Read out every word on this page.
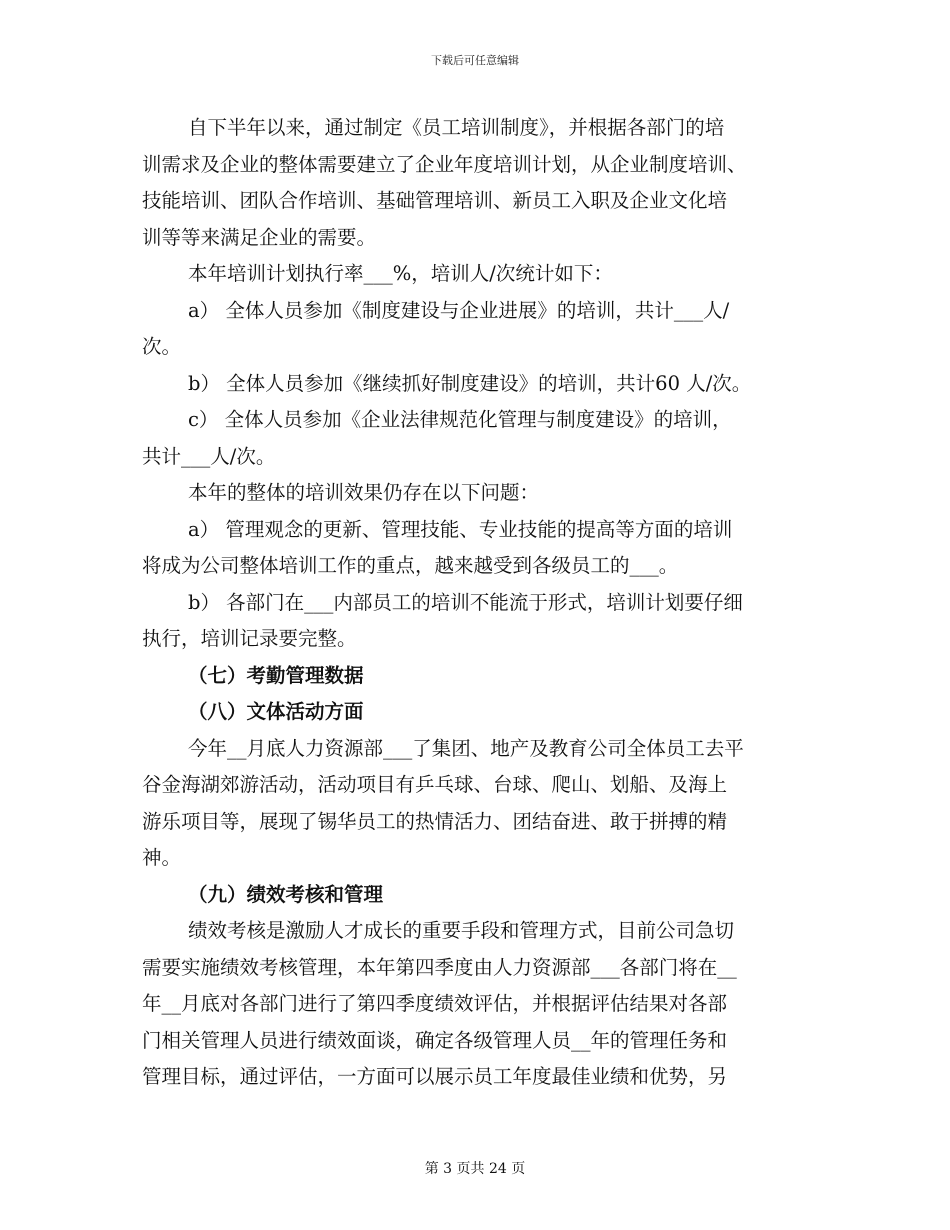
下载后可任意编辑
自下半年以来，通过制定《员工培训制度》，并根据各部门的培
训需求及企业的整体需要建立了企业年度培训计划，从企业制度培训、
技能培训、团队合作培训、基础管理培训、新员工入职及企业文化培
训等等来满足企业的需要。
本年培训计划执行率___%，培训人/次统计如下：
a） 全体人员参加《制度建设与企业进展》的培训，共计___人/
次。
b） 全体人员参加《继续抓好制度建设》的培训，共计60 人/次。
c） 全体人员参加《企业法律规范化管理与制度建设》的培训，
共计___人/次。
本年的整体的培训效果仍存在以下问题：
a） 管理观念的更新、管理技能、专业技能的提高等方面的培训
将成为公司整体培训工作的重点，越来越受到各级员工的___。
b） 各部门在___内部员工的培训不能流于形式，培训计划要仔细
执行，培训记录要完整。
（七）考勤管理数据
（八）文体活动方面
今年__月底人力资源部___了集团、地产及教育公司全体员工去平
谷金海湖郊游活动，活动项目有乒乓球、台球、爬山、划船、及海上
游乐项目等，展现了锡华员工的热情活力、团结奋进、敢于拼搏的精
神。
（九）绩效考核和管理
绩效考核是激励人才成长的重要手段和管理方式，目前公司急切
需要实施绩效考核管理，本年第四季度由人力资源部___各部门将在__
年__月底对各部门进行了第四季度绩效评估，并根据评估结果对各部
门相关管理人员进行绩效面谈，确定各级管理人员__年的管理任务和
管理目标，通过评估，一方面可以展示员工年度最佳业绩和优势，另
第 3 页共 24 页
